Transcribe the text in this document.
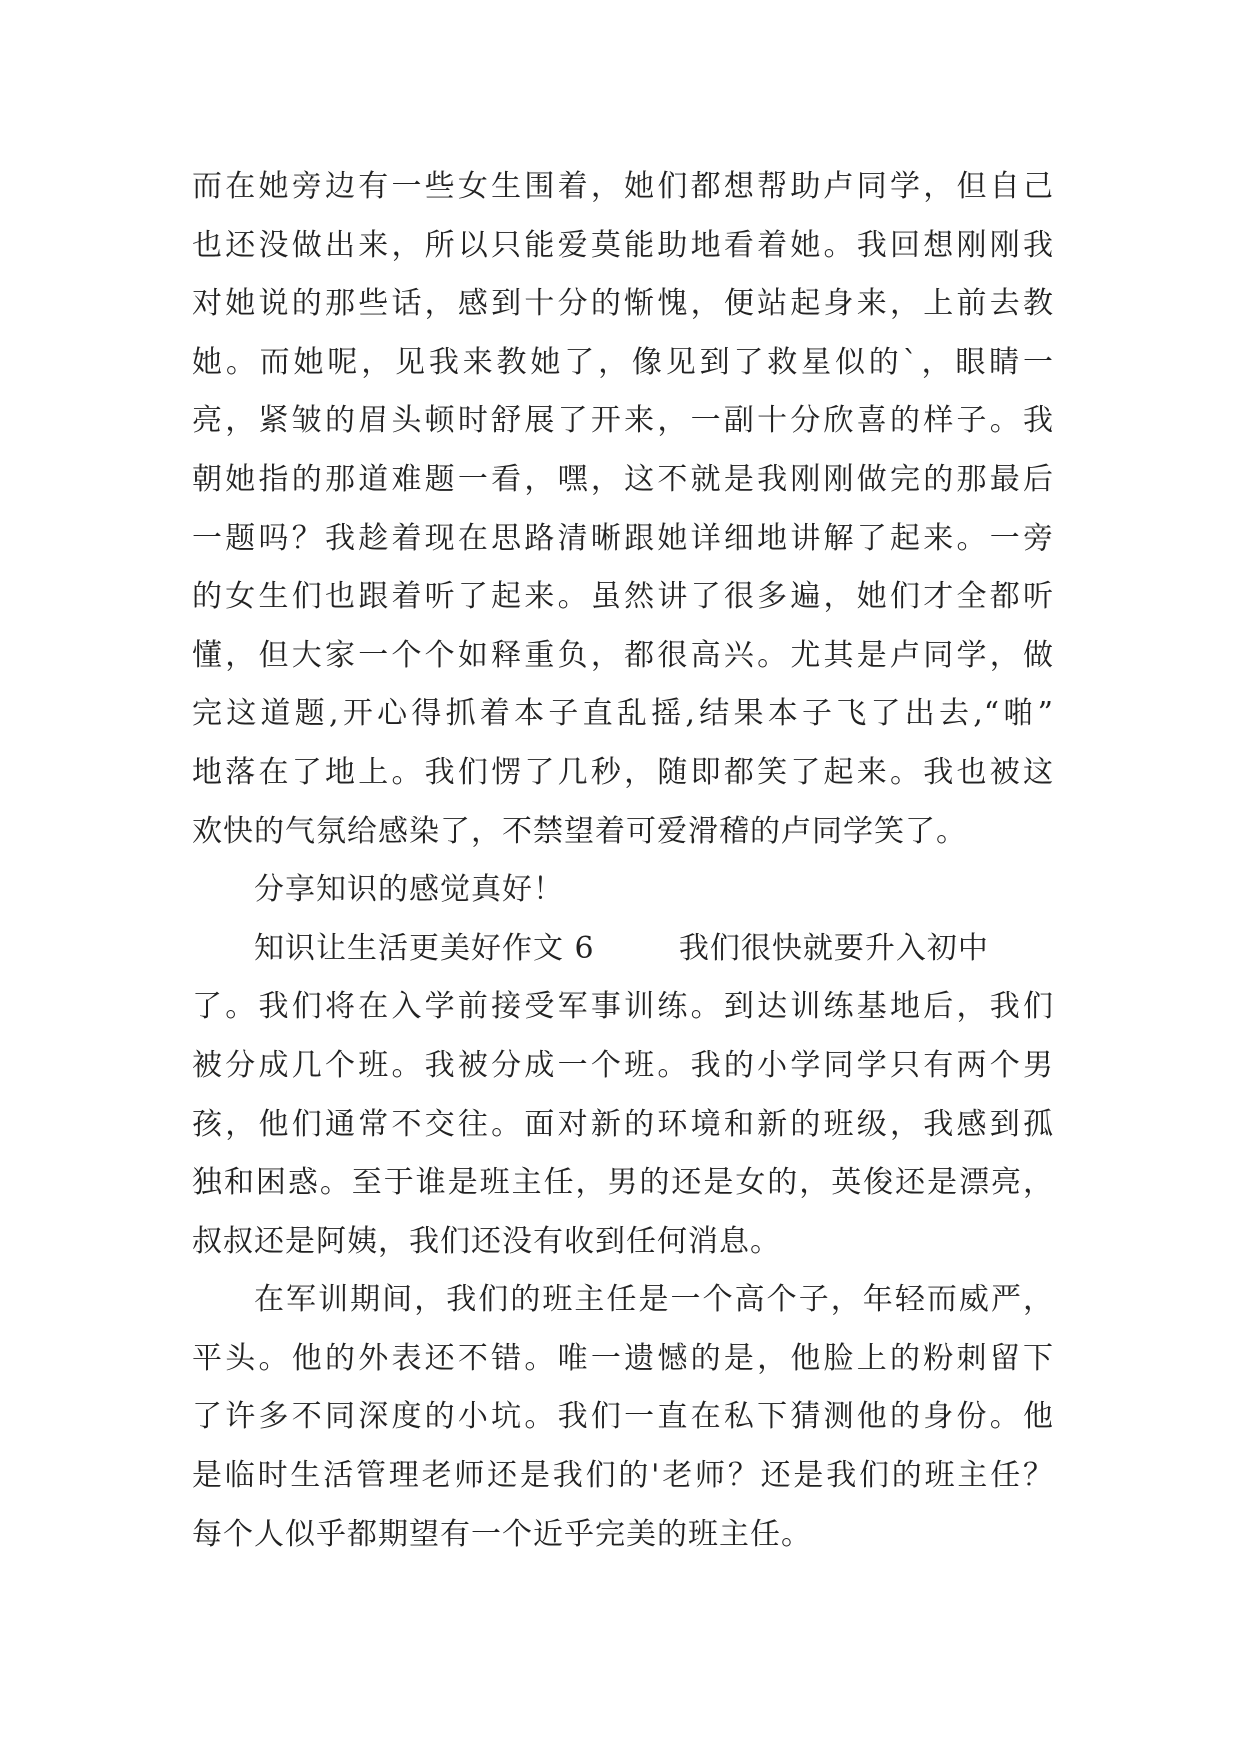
而在她旁边有一些女生围着，她们都想帮助卢同学，但自己
也还没做出来，所以只能爱莫能助地看着她。我回想刚刚我
对她说的那些话，感到十分的惭愧，便站起身来，上前去教
她。而她呢，见我来教她了，像见到了救星似的`，眼睛一
亮，紧皱的眉头顿时舒展了开来，一副十分欣喜的样子。我
朝她指的那道难题一看，嘿，这不就是我刚刚做完的那最后
一题吗？我趁着现在思路清晰跟她详细地讲解了起来。一旁
的女生们也跟着听了起来。虽然讲了很多遍，她们才全都听
懂，但大家一个个如释重负，都很高兴。尤其是卢同学，做
完这道题,开心得抓着本子直乱摇,结果本子飞了出去,“啪”
地落在了地上。我们愣了几秒，随即都笑了起来。我也被这
欢快的气氛给感染了，不禁望着可爱滑稽的卢同学笑了。
分享知识的感觉真好！
知识让生活更美好作文 6        我们很快就要升入初中
了。我们将在入学前接受军事训练。到达训练基地后，我们
被分成几个班。我被分成一个班。我的小学同学只有两个男
孩，他们通常不交往。面对新的环境和新的班级，我感到孤
独和困惑。至于谁是班主任，男的还是女的，英俊还是漂亮，
叔叔还是阿姨，我们还没有收到任何消息。
在军训期间，我们的班主任是一个高个子，年轻而威严，
平头。他的外表还不错。唯一遗憾的是，他脸上的粉刺留下
了许多不同深度的小坑。我们一直在私下猜测他的身份。他
是临时生活管理老师还是我们的'老师？还是我们的班主任？
每个人似乎都期望有一个近乎完美的班主任。
